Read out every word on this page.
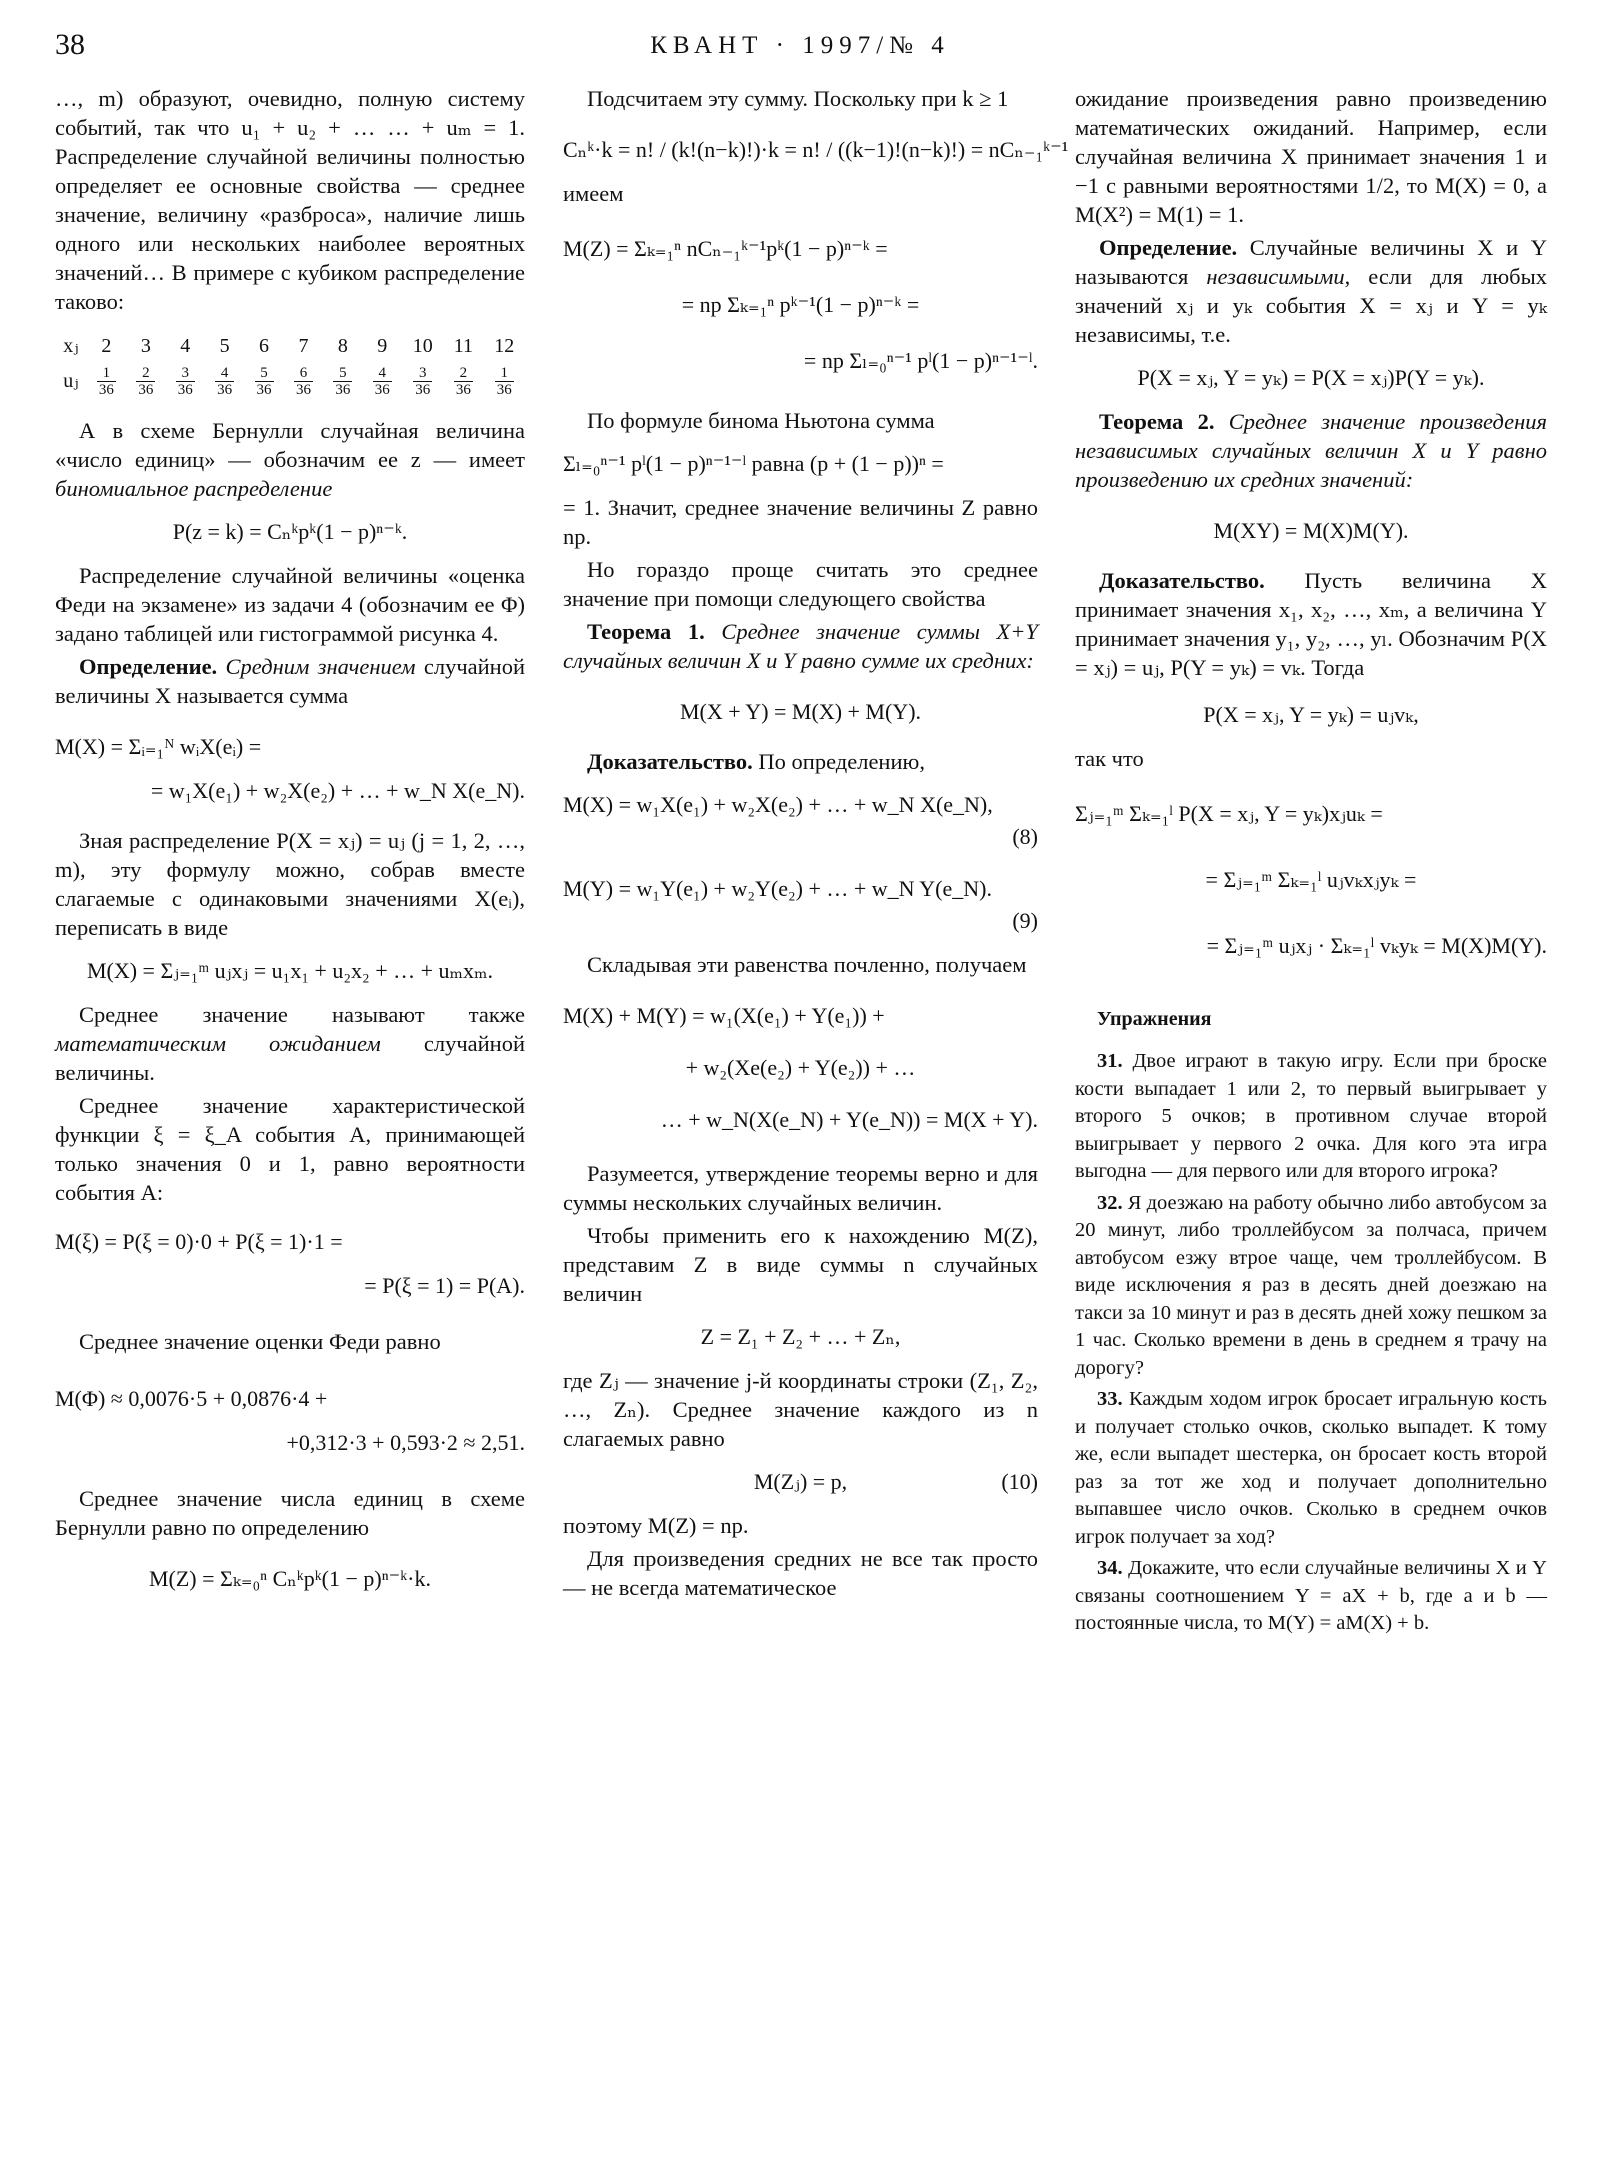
38	КВАНТ · 1997/№ 4

…, m) образуют, очевидно, полную систему событий, так что u₁ + u₂ + … … + uₘ = 1. Распределение случайной величины полностью определяет ее основные свойства — среднее значение, величину «разброса», наличие лишь одного или нескольких наиболее вероятных значений… В примере с кубиком распределение таково:

xⱼ	2	3	4	5	6	7	8	9	10	11	12
uⱼ	$\frac{1}{36}$	$\frac{2}{36}$	$\frac{3}{36}$	$\frac{4}{36}$	$\frac{5}{36}$	$\frac{6}{36}$	$\frac{5}{36}$	$\frac{4}{36}$	$\frac{3}{36}$	$\frac{2}{36}$	$\frac{1}{36}$

А в схеме Бернулли случайная величина «число единиц» — обозначим ее z — имеет биномиальное распределение

P(z = k) = Cₙᵏpᵏ(1 − p)ⁿ⁻ᵏ.

Распределение случайной величины «оценка Феди на экзамене» из задачи 4 (обозначим ее Φ) задано таблицей или гистограммой рисунка 4.

Определение. Средним значением случайной величины X называется сумма

M(X) = Σᵢ₌₁ᴺ wᵢX(eᵢ) =
= w₁X(e₁) + w₂X(e₂) + … + w_N X(e_N).

Зная распределение P(X = xⱼ) = uⱼ (j = 1, 2, …, m), эту формулу можно, собрав вместе слагаемые с одинаковыми значениями X(eᵢ), переписать в виде

M(X) = Σⱼ₌₁ᵐ uⱼxⱼ = u₁x₁ + u₂x₂ + … + uₘxₘ.

Среднее значение называют также математическим ожиданием случайной величины.

Среднее значение характеристической функции ξ = ξ_A события A, принимающей только значения 0 и 1, равно вероятности события A:

M(ξ) = P(ξ = 0)·0 + P(ξ = 1)·1 =
= P(ξ = 1) = P(A).

Среднее значение оценки Феди равно

M(Φ) ≈ 0,0076·5 + 0,0876·4 +
+0,312·3 + 0,593·2 ≈ 2,51.

Среднее значение числа единиц в схеме Бернулли равно по определению

M(Z) = Σₖ₌₀ⁿ Cₙᵏpᵏ(1 − p)ⁿ⁻ᵏ·k.

Подсчитаем эту сумму. Поскольку при k ≥ 1

Cₙᵏ·k = n! / (k!(n−k)!)·k = n! / ((k−1)!(n−k)!) = nCₙ₋₁ᵏ⁻¹

имеем

M(Z) = Σₖ₌₁ⁿ nCₙ₋₁ᵏ⁻¹pᵏ(1 − p)ⁿ⁻ᵏ =
= np Σₖ₌₁ⁿ pᵏ⁻¹(1 − p)ⁿ⁻ᵏ =
= np Σₗ₌₀ⁿ⁻¹ pˡ(1 − p)ⁿ⁻¹⁻ˡ.

По формуле бинома Ньютона сумма

Σₗ₌₀ⁿ⁻¹ pˡ(1 − p)ⁿ⁻¹⁻ˡ равна (p + (1 − p))ⁿ =

= 1. Значит, среднее значение величины Z равно np.

Но гораздо проще считать это среднее значение при помощи следующего свойства

Теорема 1. Среднее значение суммы X+Y случайных величин X и Y равно сумме их средних:

M(X + Y) = M(X) + M(Y).

Доказательство. По определению,

M(X) = w₁X(e₁) + w₂X(e₂) + … + w_N X(e_N),
(8)
M(Y) = w₁Y(e₁) + w₂Y(e₂) + … + w_N Y(e_N).
(9)

Складывая эти равенства почленно, получаем

M(X) + M(Y) = w₁(X(e₁) + Y(e₁)) +
+ w₂(Xe(e₂) + Y(e₂)) + …
… + w_N(X(e_N) + Y(e_N)) = M(X + Y).

Разумеется, утверждение теоремы верно и для суммы нескольких случайных величин.

Чтобы применить его к нахождению M(Z), представим Z в виде суммы n случайных величин

Z = Z₁ + Z₂ + … + Zₙ,

где Zⱼ — значение j-й координаты строки (Z₁, Z₂, …, Zₙ). Среднее значение каждого из n слагаемых равно

M(Zⱼ) = p,	(10)

поэтому M(Z) = np.

Для произведения средних не все так просто — не всегда математическое

ожидание произведения равно произведению математических ожиданий. Например, если случайная величина X принимает значения 1 и −1 с равными вероятностями 1/2, то M(X) = 0, а M(X²) = M(1) = 1.

Определение. Случайные величины X и Y называются независимыми, если для любых значений xⱼ и yₖ события X = xⱼ и Y = yₖ независимы, т.е.

P(X = xⱼ, Y = yₖ) = P(X = xⱼ)P(Y = yₖ).

Теорема 2. Среднее значение произведения независимых случайных величин X и Y равно произведению их средних значений:

M(XY) = M(X)M(Y).

Доказательство. Пусть величина X принимает значения x₁, x₂, …, xₘ, а величина Y принимает значения y₁, y₂, …, yₗ. Обозначим P(X = xⱼ) = uⱼ, P(Y = yₖ) = vₖ. Тогда

P(X = xⱼ, Y = yₖ) = uⱼvₖ,

так что

Σⱼ₌₁ᵐ Σₖ₌₁ˡ P(X = xⱼ, Y = yₖ)xⱼuₖ =
= Σⱼ₌₁ᵐ Σₖ₌₁ˡ uⱼvₖxⱼyₖ =
= Σⱼ₌₁ᵐ uⱼxⱼ · Σₖ₌₁ˡ vₖyₖ = M(X)M(Y).
Упражнения

31. Двое играют в такую игру. Если при броске кости выпадает 1 или 2, то первый выигрывает у второго 5 очков; в противном случае второй выигрывает у первого 2 очка. Для кого эта игра выгодна — для первого или для второго игрока?

32. Я доезжаю на работу обычно либо автобусом за 20 минут, либо троллейбусом за полчаса, причем автобусом езжу втрое чаще, чем троллейбусом. В виде исключения я раз в десять дней доезжаю на такси за 10 минут и раз в десять дней хожу пешком за 1 час. Сколько времени в день в среднем я трачу на дорогу?

33. Каждым ходом игрок бросает игральную кость и получает столько очков, сколько выпадет. К тому же, если выпадет шестерка, он бросает кость второй раз за тот же ход и получает дополнительно выпавшее число очков. Сколько в среднем очков игрок получает за ход?

34. Докажите, что если случайные величины X и Y связаны соотношением Y = aX + b, где a и b — постоянные числа, то M(Y) = aM(X) + b.
